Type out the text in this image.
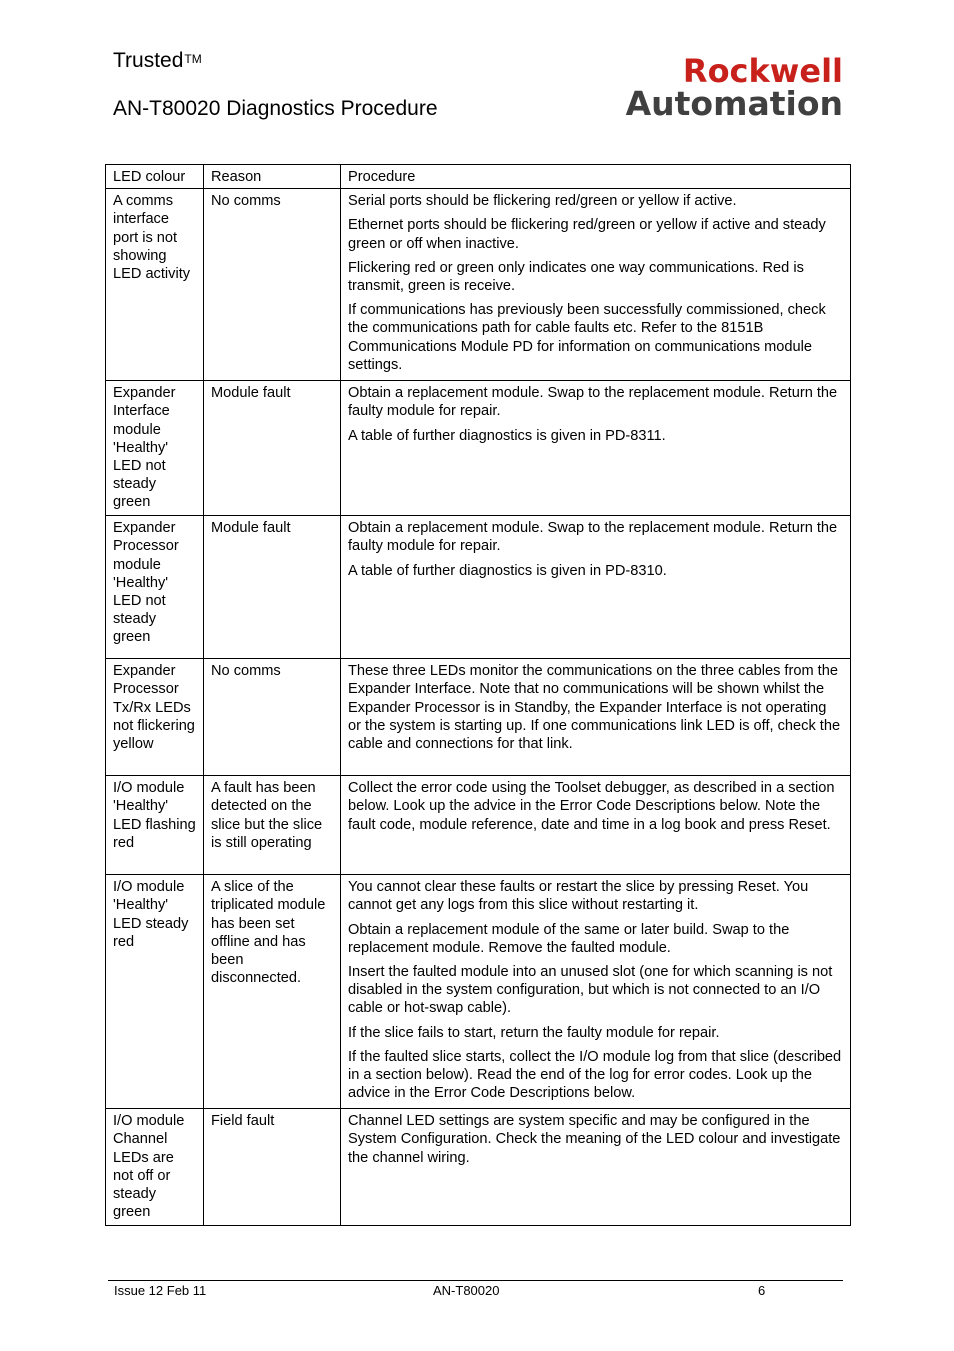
Trusted™
AN-T80020 Diagnostics Procedure
Rockwell
Automation
LED colour	Reason	Procedure
A comms interface port is not showing LED activity	No comms	Serial ports should be flickering red/green or yellow if active.

Ethernet ports should be flickering red/green or yellow if active and steady green or off when inactive.

Flickering red or green only indicates one way communications. Red is transmit, green is receive.

If communications has previously been successfully commissioned, check the communications path for cable faults etc. Refer to the 8151B Communications Module PD for information on communications module settings.

Expander Interface module 'Healthy' LED not steady green	Module fault	Obtain a replacement module. Swap to the replacement module. Return the faulty module for repair.

A table of further diagnostics is given in PD-8311.

Expander Processor module 'Healthy' LED not steady green	Module fault	Obtain a replacement module. Swap to the replacement module. Return the faulty module for repair.

A table of further diagnostics is given in PD-8310.

Expander Processor Tx/Rx LEDs not flickering yellow	No comms	These three LEDs monitor the communications on the three cables from the Expander Interface. Note that no communications will be shown whilst the Expander Processor is in Standby, the Expander Interface is not operating or the system is starting up. If one communications link LED is off, check the cable and connections for that link.

I/O module 'Healthy' LED flashing red	A fault has been detected on the slice but the slice is still operating	Collect the error code using the Toolset debugger, as described in a section below. Look up the advice in the Error Code Descriptions below. Note the fault code, module reference, date and time in a log book and press Reset.

I/O module 'Healthy' LED steady red	A slice of the triplicated module has been set offline and has been disconnected.	You cannot clear these faults or restart the slice by pressing Reset. You cannot get any logs from this slice without restarting it.

Obtain a replacement module of the same or later build. Swap to the replacement module. Remove the faulted module.

Insert the faulted module into an unused slot (one for which scanning is not disabled in the system configuration, but which is not connected to an I/O cable or hot-swap cable).

If the slice fails to start, return the faulty module for repair.

If the faulted slice starts, collect the I/O module log from that slice (described in a section below). Read the end of the log for error codes. Look up the advice in the Error Code Descriptions below.

I/O module Channel LEDs are not off or steady green	Field fault	Channel LED settings are system specific and may be configured in the System Configuration. Check the meaning of the LED colour and investigate the channel wiring.

Issue 12 Feb 11	AN-T80020	6
